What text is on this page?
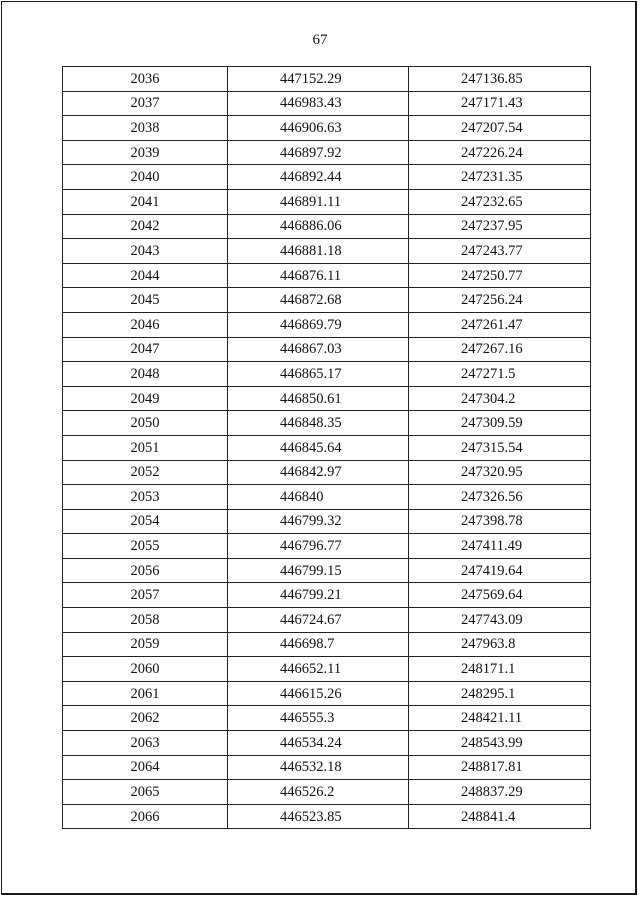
67
2036	447152.29	247136.85
2037	446983.43	247171.43
2038	446906.63	247207.54
2039	446897.92	247226.24
2040	446892.44	247231.35
2041	446891.11	247232.65
2042	446886.06	247237.95
2043	446881.18	247243.77
2044	446876.11	247250.77
2045	446872.68	247256.24
2046	446869.79	247261.47
2047	446867.03	247267.16
2048	446865.17	247271.5
2049	446850.61	247304.2
2050	446848.35	247309.59
2051	446845.64	247315.54
2052	446842.97	247320.95
2053	446840	247326.56
2054	446799.32	247398.78
2055	446796.77	247411.49
2056	446799.15	247419.64
2057	446799.21	247569.64
2058	446724.67	247743.09
2059	446698.7	247963.8
2060	446652.11	248171.1
2061	446615.26	248295.1
2062	446555.3	248421.11
2063	446534.24	248543.99
2064	446532.18	248817.81
2065	446526.2	248837.29
2066	446523.85	248841.4
